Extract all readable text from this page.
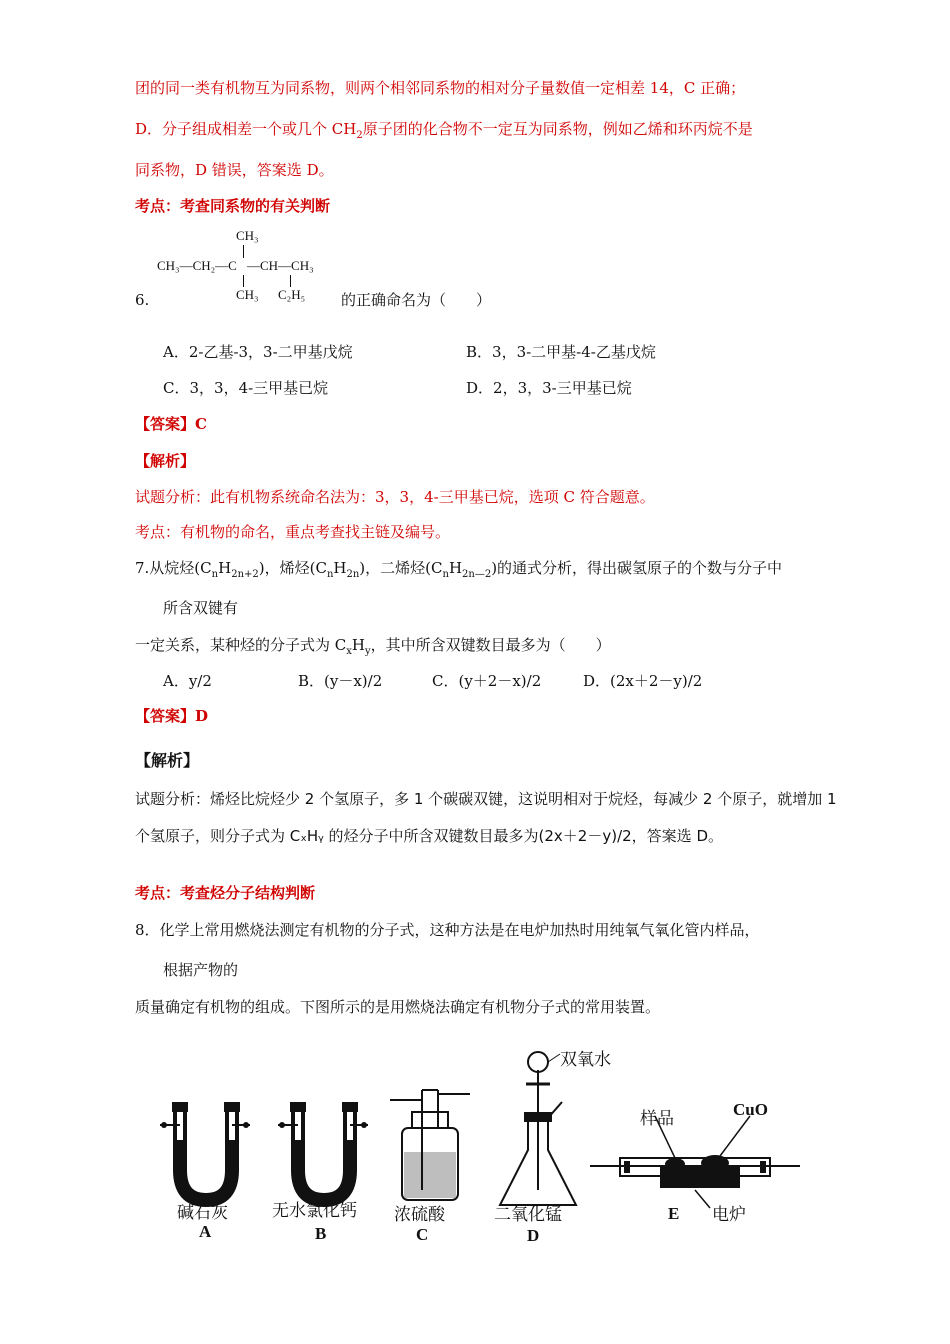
团的同一类有机物互为同系物，则两个相邻同系物的相对分子量数值一定相差 14，C 正确；
D．分子组成相差一个或几个 $CH_2$原子团的化合物不一定互为同系物，例如乙烯和环丙烷不是
同系物，D 错误，答案选 D。
考点：考查同系物的有关判断
CH₃
CH₃—CH₂—C —CH—CH₃
CH₃ C₂H₅
6.	的正确命名为（　　）
A．2-乙基-3，3-二甲基戊烷	B．3，3-二甲基-4-乙基戊烷
C．3，3，4-三甲基已烷	D．2，3，3-三甲基已烷
【答案】C
【解析】
试题分析：此有机物系统命名法为：3，3，4-三甲基已烷，选项 C 符合题意。
考点：有机物的命名，重点考查找主链及编号。
7.从烷烃$(C_nH_{2n+2})$，烯烃$(C_nH_{2n})$，二烯烃$(C_nH_{2n—2})$的通式分析，得出碳氢原子的个数与分子中
所含双键有
一定关系，某种烃的分子式为 $C_xH_y$，其中所含双键数目最多为（　　）
A．y/2	B．(y－x)/2	C．(y＋2－x)/2	D．(2x＋2－y)/2
【答案】D
【解析】
试题分析：烯烃比烷烃少 2 个氢原子，多 1 个碳碳双键，这说明相对于烷烃，每减少 2 个原子，就增加 1
个氢原子，则分子式为 CₓHᵧ 的烃分子中所含双键数目最多为(2x＋2－y)/2，答案选 D。
考点：考查烃分子结构判断
8．化学上常用燃烧法测定有机物的分子式，这种方法是在电炉加热时用纯氧气氧化管内样品，
根据产物的
质量确定有机物的组成。下图所示的是用燃烧法确定有机物分子式的常用装置。
碱石灰
A
无水氯化钙
B
浓硫酸
C
二氧化锰
D
双氧水
样品	CuO
E 电炉
